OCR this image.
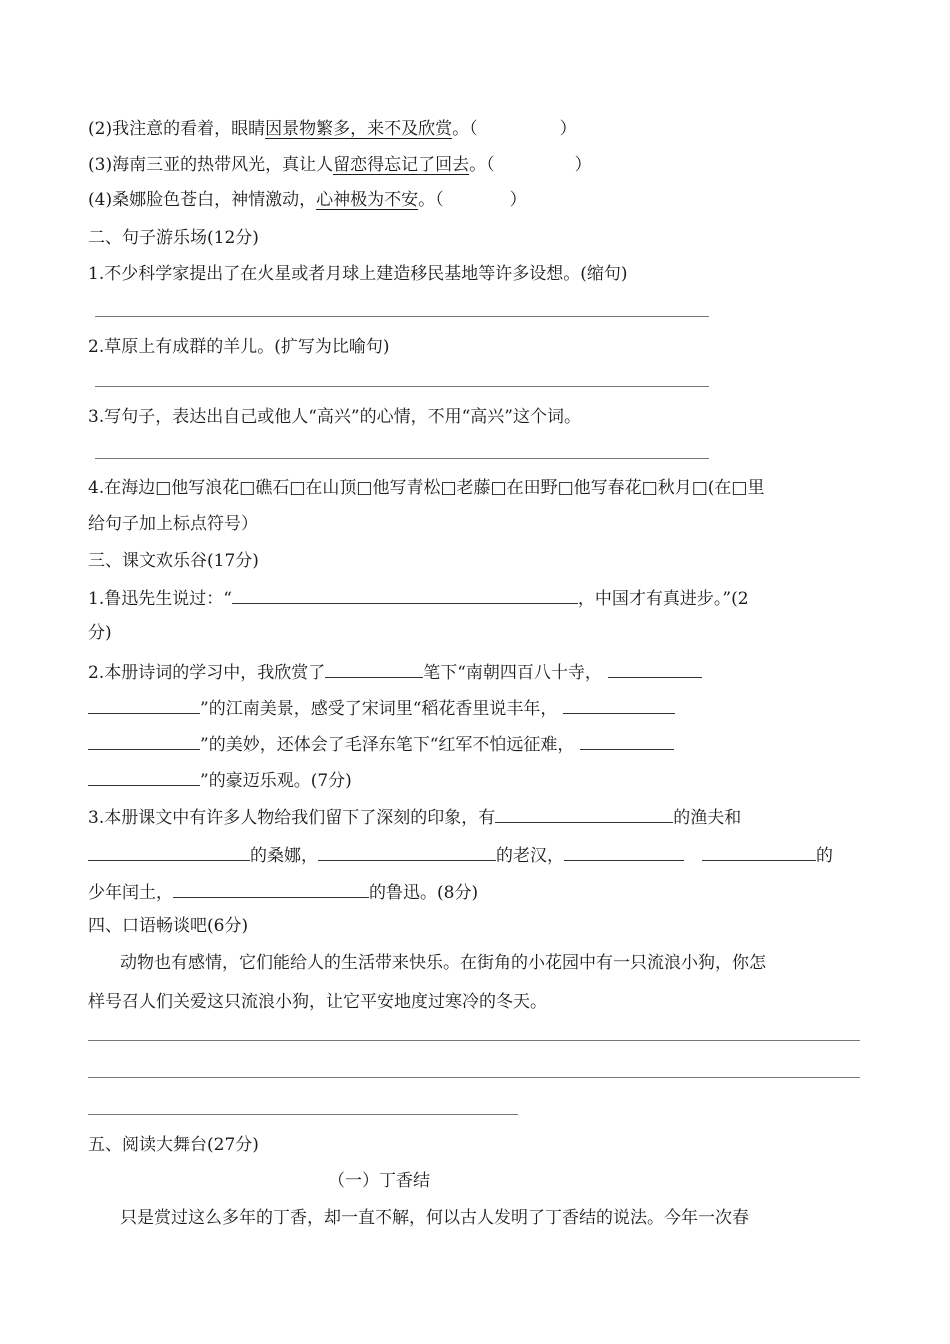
(2)我注意的看着，眼睛因景物繁多，来不及欣赏。（	）
(3)海南三亚的热带风光，真让人留恋得忘记了回去。（	）
(4)桑娜脸色苍白，神情激动，心神极为不安。（	）
二、句子游乐场(12分)
1.不少科学家提出了在火星或者月球上建造移民基地等许多设想。(缩句)
2.草原上有成群的羊儿。(扩写为比喻句)
3.写句子，表达出自己或他人“高兴”的心情，不用“高兴”这个词。
4.在海边□他写浪花□礁石□在山顶□他写青松□老藤□在田野□他写春花□秋月□(在□里
给句子加上标点符号）
三、课文欢乐谷(17分)
1.鲁迅先生说过：“	，中国才有真进步。”(2
分)
2.本册诗词的学习中，我欣赏了	笔下“南朝四百八十寺，
”的江南美景，感受了宋词里“稻花香里说丰年，
”的美妙，还体会了毛泽东笔下“红军不怕远征难，
”的豪迈乐观。(7分)
3.本册课文中有许多人物给我们留下了深刻的印象，有	的渔夫和
的桑娜，	的老汉，	的
少年闰土，	的鲁迅。(8分)
四、口语畅谈吧(6分)
动物也有感情，它们能给人的生活带来快乐。在街角的小花园中有一只流浪小狗，你怎
样号召人们关爱这只流浪小狗，让它平安地度过寒冷的冬天。
五、阅读大舞台(27分)
（一）丁香结
只是赏过这么多年的丁香，却一直不解，何以古人发明了丁香结的说法。今年一次春
